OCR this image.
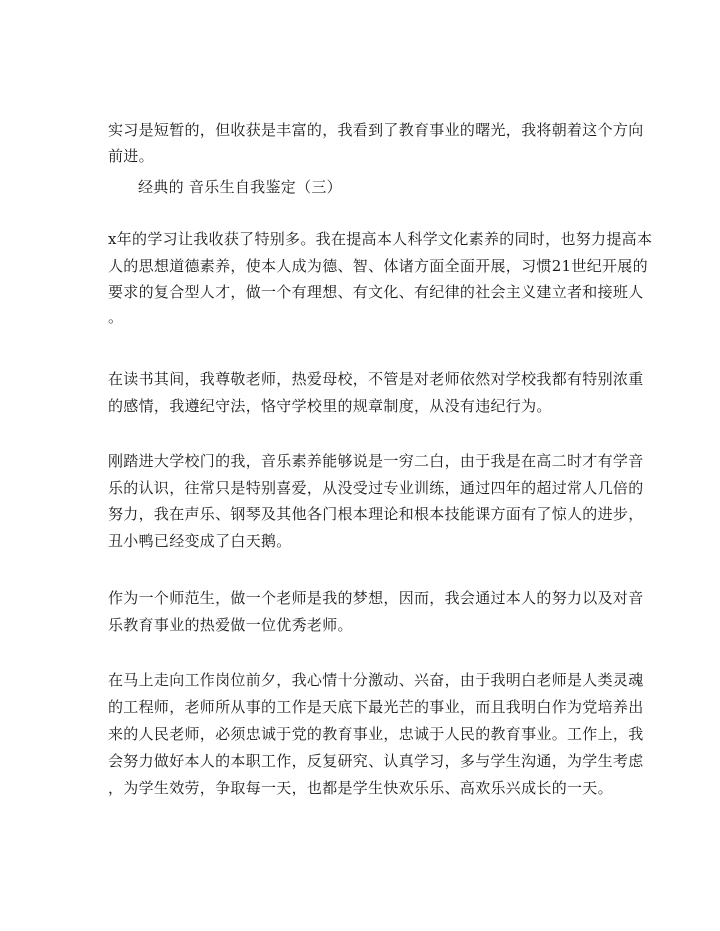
实习是短暂的，但收获是丰富的，我看到了教育事业的曙光，我将朝着这个方向
前进。
经典的 音乐生自我鉴定（三）
x年的学习让我收获了特别多。我在提高本人科学文化素养的同时，也努力提高本
人的思想道德素养，使本人成为德、智、体诸方面全面开展，习惯21世纪开展的
要求的复合型人才，做一个有理想、有文化、有纪律的社会主义建立者和接班人
。
在读书其间，我尊敬老师，热爱母校，不管是对老师依然对学校我都有特别浓重
的感情，我遵纪守法，恪守学校里的规章制度，从没有违纪行为。
刚踏进大学校门的我，音乐素养能够说是一穷二白，由于我是在高二时才有学音
乐的认识，往常只是特别喜爱，从没受过专业训练，通过四年的超过常人几倍的
努力，我在声乐、钢琴及其他各门根本理论和根本技能课方面有了惊人的进步，
丑小鸭已经变成了白天鹅。
作为一个师范生，做一个老师是我的梦想，因而，我会通过本人的努力以及对音
乐教育事业的热爱做一位优秀老师。
在马上走向工作岗位前夕，我心情十分激动、兴奋，由于我明白老师是人类灵魂
的工程师，老师所从事的工作是天底下最光芒的事业，而且我明白作为党培养出
来的人民老师，必须忠诚于党的教育事业，忠诚于人民的教育事业。工作上，我
会努力做好本人的本职工作，反复研究、认真学习，多与学生沟通，为学生考虑
，为学生效劳，争取每一天，也都是学生快欢乐乐、高欢乐兴成长的一天。
